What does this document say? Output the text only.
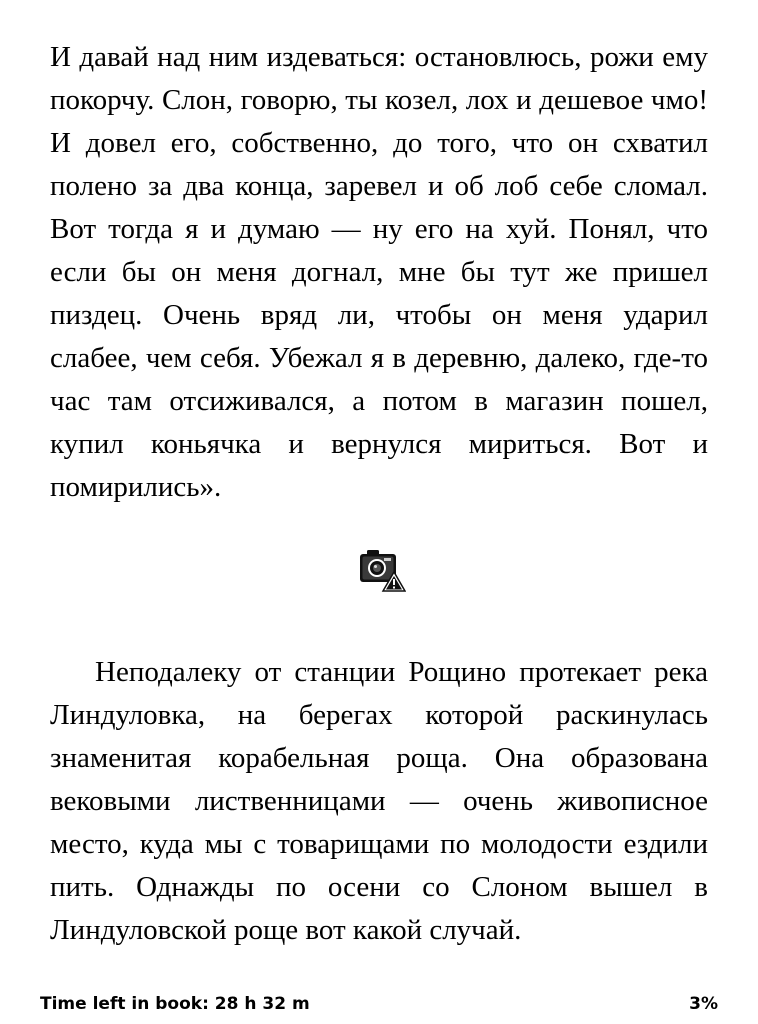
И давай над ним издеваться: остановлюсь, рожи ему покорчу. Слон, говорю, ты козел, лох и дешевое чмо! И довел его, собственно, до того, что он схватил полено за два конца, заревел и об лоб себе сломал. Вот тогда я и думаю — ну его на хуй. Понял, что если бы он меня догнал, мне бы тут же пришел пиздец. Очень вряд ли, чтобы он меня ударил слабее, чем себя. Убежал я в деревню, далеко, где-то час там отсиживался, а потом в магазин пошел, купил коньячка и вернулся мириться. Вот и помирились».

Неподалеку от станции Рощино протекает река Линдуловка, на берегах которой раскинулась знаменитая корабельная роща. Она образована вековыми лиственницами — очень живописное место, куда мы с товарищами по молодости ездили пить. Однажды по осени со Слоном вышел в Линдуловской роще вот какой случай.

Time left in book: 28 h 32 m	3%
